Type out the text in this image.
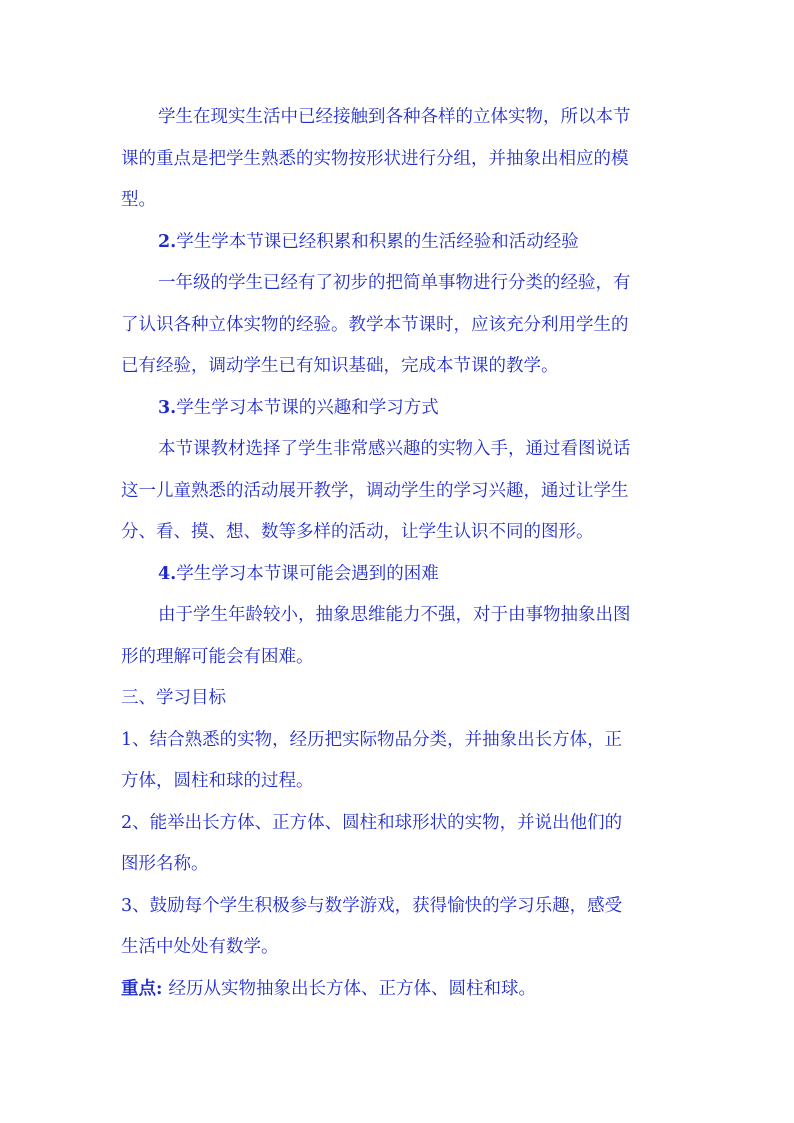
学生在现实生活中已经接触到各种各样的立体实物，所以本节
课的重点是把学生熟悉的实物按形状进行分组，并抽象出相应的模
型。
2.学生学本节课已经积累和积累的生活经验和活动经验
一年级的学生已经有了初步的把简单事物进行分类的经验，有
了认识各种立体实物的经验。教学本节课时，应该充分利用学生的
已有经验，调动学生已有知识基础，完成本节课的教学。
3.学生学习本节课的兴趣和学习方式
本节课教材选择了学生非常感兴趣的实物入手，通过看图说话
这一儿童熟悉的活动展开教学，调动学生的学习兴趣，通过让学生
分、看、摸、想、数等多样的活动，让学生认识不同的图形。
4.学生学习本节课可能会遇到的困难
由于学生年龄较小，抽象思维能力不强，对于由事物抽象出图
形的理解可能会有困难。
三、学习目标
1、结合熟悉的实物，经历把实际物品分类，并抽象出长方体，正
方体，圆柱和球的过程。
2、能举出长方体、正方体、圆柱和球形状的实物，并说出他们的
图形名称。
3、鼓励每个学生积极参与数学游戏，获得愉快的学习乐趣，感受
生活中处处有数学。
重点: 经历从实物抽象出长方体、正方体、圆柱和球。
